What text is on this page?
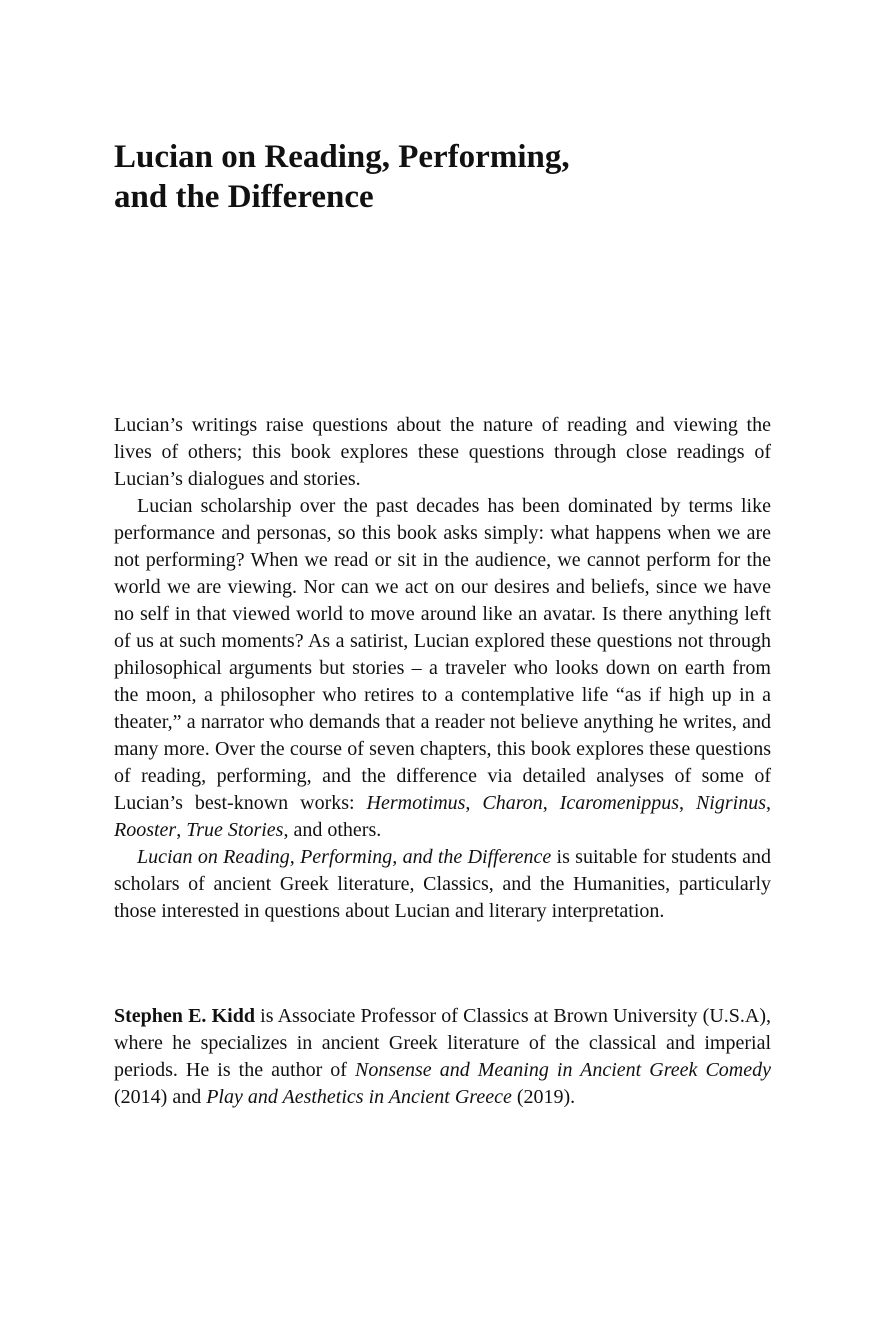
Lucian on Reading, Performing,
and the Difference

Lucian’s writings raise questions about the nature of reading and viewing the lives of others; this book explores these questions through close readings of Lucian’s dialogues and stories.

Lucian scholarship over the past decades has been dominated by terms like performance and personas, so this book asks simply: what happens when we are not performing? When we read or sit in the audience, we cannot perform for the world we are viewing. Nor can we act on our desires and beliefs, since we have no self in that viewed world to move around like an avatar. Is there anything left of us at such moments? As a satirist, Lucian explored these questions not through philosophical arguments but stories – a traveler who looks down on earth from the moon, a philosopher who retires to a contemplative life “as if high up in a theater,” a narrator who demands that a reader not believe anything he writes, and many more. Over the course of seven chapters, this book explores these questions of reading, performing, and the difference via detailed analyses of some of Lucian’s best-known works: Hermotimus, Charon, Icaromenippus, Nigrinus, Rooster, True Stories, and others.

Lucian on Reading, Performing, and the Difference is suitable for students and scholars of ancient Greek literature, Classics, and the Humanities, particularly those interested in questions about Lucian and literary interpretation.

Stephen E. Kidd is Associate Professor of Classics at Brown University (U.S.A), where he specializes in ancient Greek literature of the classical and imperial periods. He is the author of Nonsense and Meaning in Ancient Greek Comedy (2014) and Play and Aesthetics in Ancient Greece (2019).
